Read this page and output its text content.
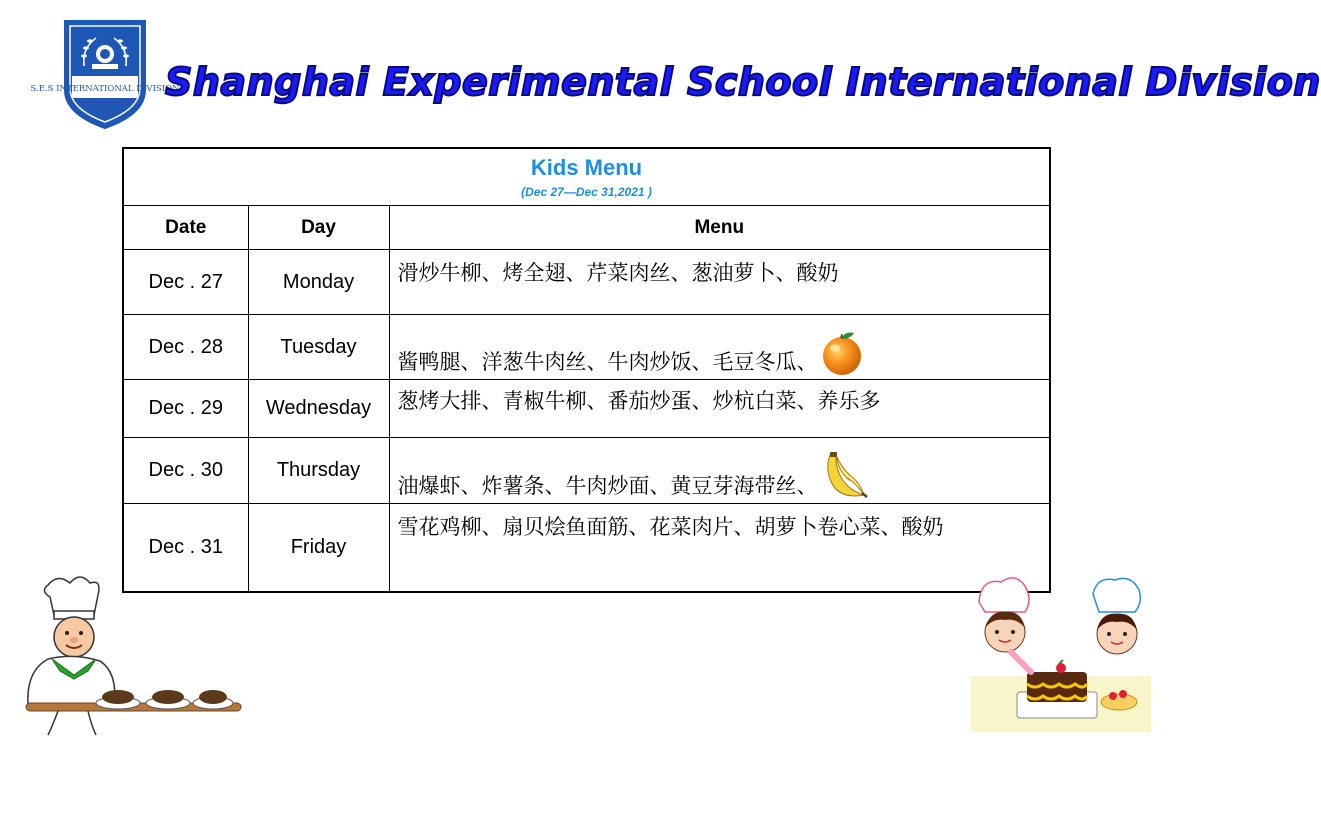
S.E.S INTERNATIONAL DIVISION
Shanghai Experimental School International Division
Kids Menu
(Dec 27—Dec 31,2021 )		

Date	Day	Menu
Dec . 27	Monday	滑炒牛柳、烤全翅、芹菜肉丝、葱油萝卜、酸奶
Dec . 28	Tuesday	酱鸭腿、洋葱牛肉丝、牛肉炒饭、毛豆冬瓜、
Dec . 29	Wednesday	葱烤大排、青椒牛柳、番茄炒蛋、炒杭白菜、养乐多
Dec . 30	Thursday	油爆虾、炸薯条、牛肉炒面、黄豆芽海带丝、
Dec . 31	Friday	雪花鸡柳、扇贝烩鱼面筋、花菜肉片、胡萝卜卷心菜、酸奶
